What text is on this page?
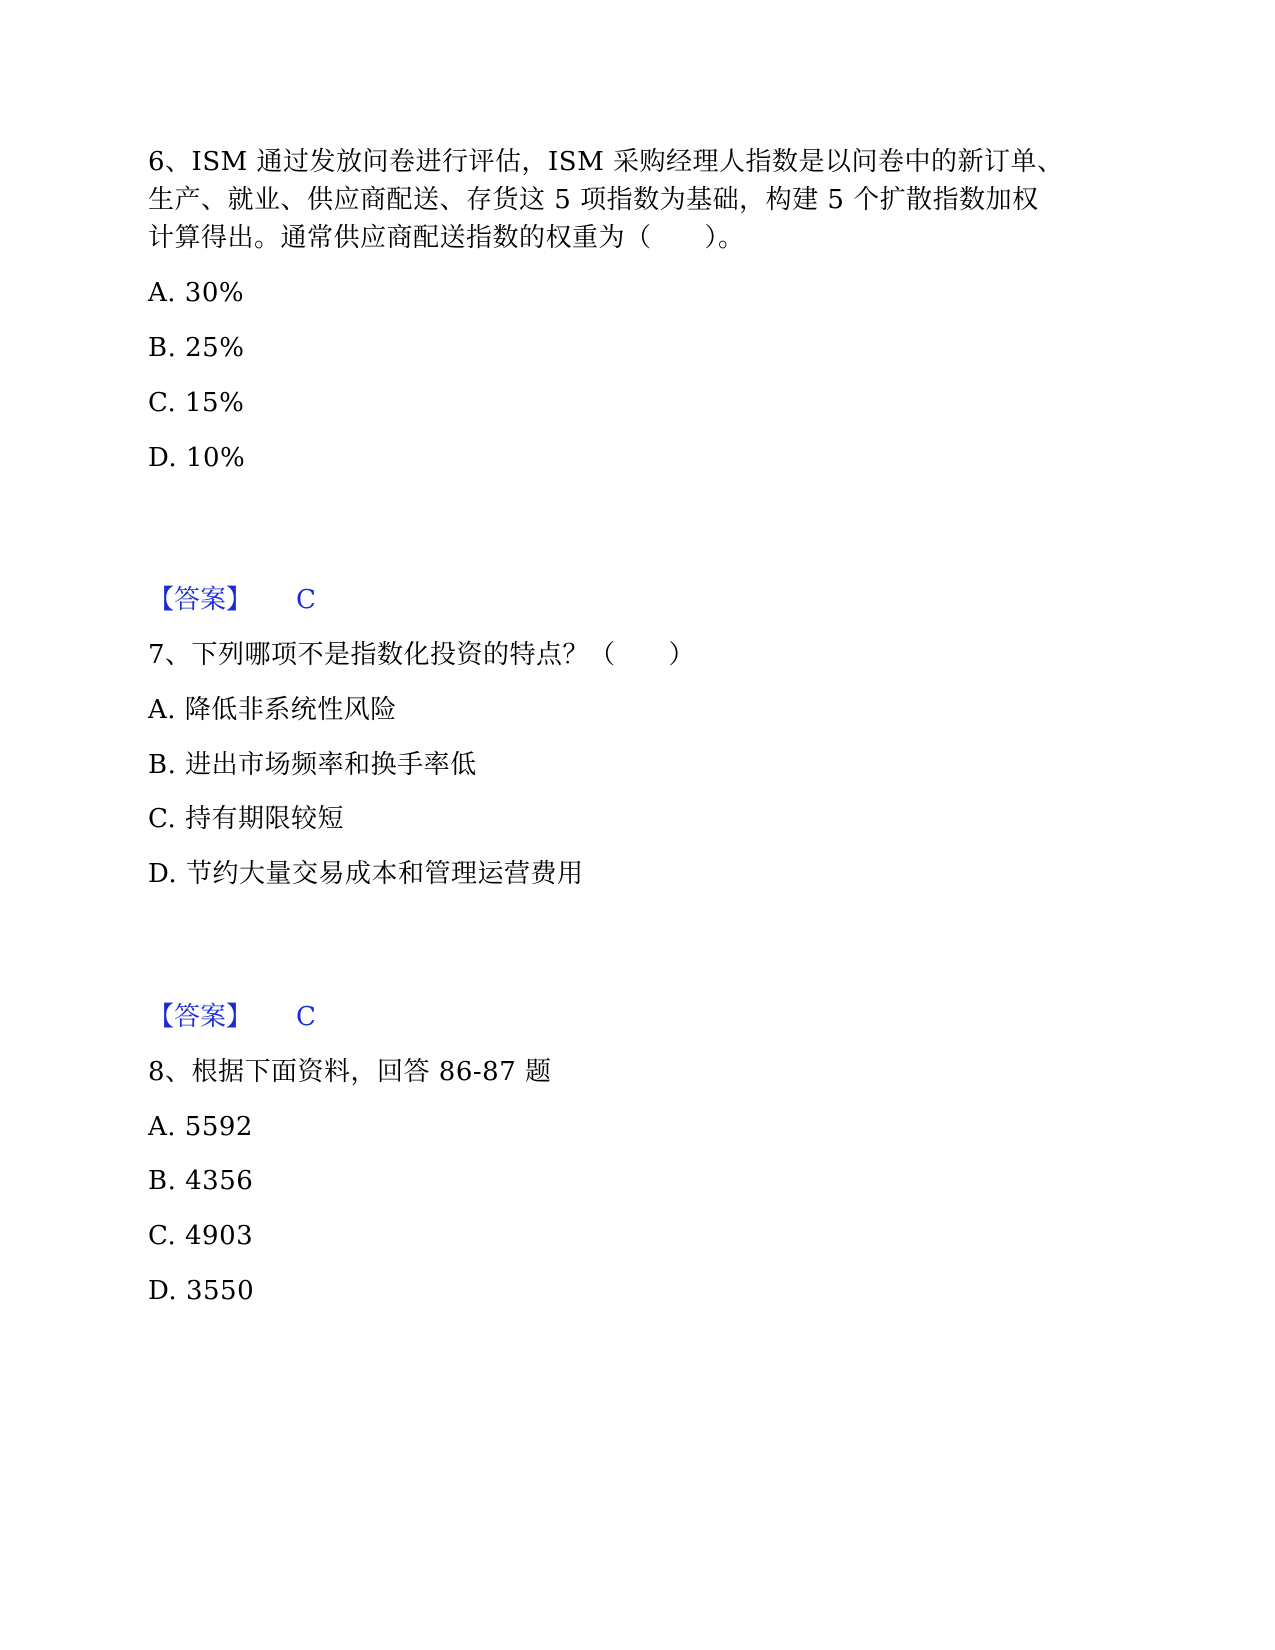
6、ISM 通过发放问卷进行评估，ISM 采购经理人指数是以问卷中的新订单、
生产、就业、供应商配送、存货这 5 项指数为基础，构建 5 个扩散指数加权
计算得出。通常供应商配送指数的权重为（　　）。
A. 30%
B. 25%
C. 15%
D. 10%
【答案】 C
7、下列哪项不是指数化投资的特点？（　　）
A. 降低非系统性风险
B. 进出市场频率和换手率低
C. 持有期限较短
D. 节约大量交易成本和管理运营费用
【答案】 C
8、根据下面资料，回答 86-87 题
A. 5592
B. 4356
C. 4903
D. 3550
